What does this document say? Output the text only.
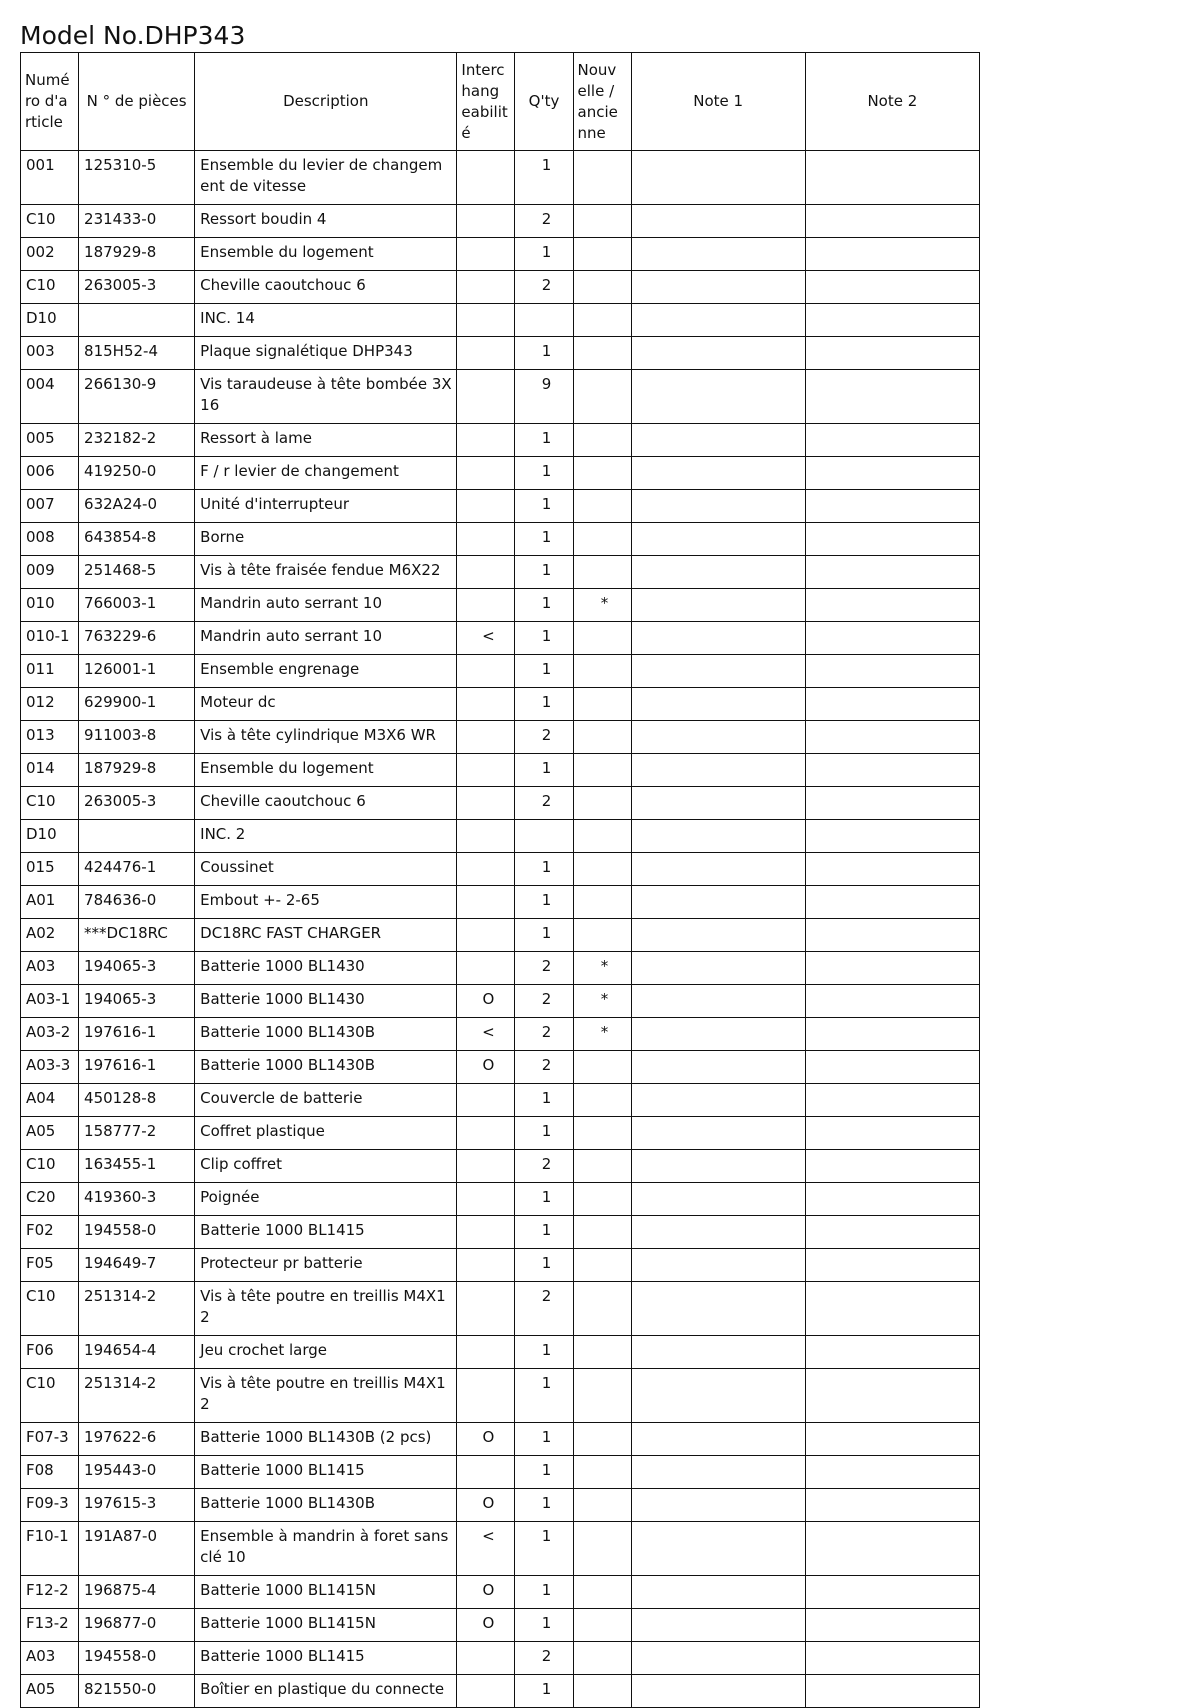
Model No.DHP343
Numé
ro d'a
rticle	N ° de pièces	Description	Interc
hang
eabilit
é	Q'ty	Nouv
elle /
ancie
nne	Note 1	Note 2
001	125310-5	Ensemble du levier de changem ent de vitesse		1			
C10	231433-0	Ressort boudin 4		2			
002	187929-8	Ensemble du logement		1			
C10	263005-3	Cheville caoutchouc 6		2			
D10		INC. 14					
003	815H52-4	Plaque signalétique DHP343		1			
004	266130-9	Vis taraudeuse à tête bombée 3X 16		9			
005	232182-2	Ressort à lame		1			
006	419250-0	F / r levier de changement		1			
007	632A24-0	Unité d'interrupteur		1			
008	643854-8	Borne		1			
009	251468-5	Vis à tête fraisée fendue M6X22		1			
010	766003-1	Mandrin auto serrant 10		1	*		
010-1	763229-6	Mandrin auto serrant 10	<	1			
011	126001-1	Ensemble engrenage		1			
012	629900-1	Moteur dc		1			
013	911003-8	Vis à tête cylindrique M3X6 WR		2			
014	187929-8	Ensemble du logement		1			
C10	263005-3	Cheville caoutchouc 6		2			
D10		INC. 2					
015	424476-1	Coussinet		1			
A01	784636-0	Embout +- 2-65		1			
A02	***DC18RC	DC18RC FAST CHARGER		1			
A03	194065-3	Batterie 1000 BL1430		2	*		
A03-1	194065-3	Batterie 1000 BL1430	O	2	*		
A03-2	197616-1	Batterie 1000 BL1430B	<	2	*		
A03-3	197616-1	Batterie 1000 BL1430B	O	2			
A04	450128-8	Couvercle de batterie		1			
A05	158777-2	Coffret plastique		1			
C10	163455-1	Clip coffret		2			
C20	419360-3	Poignée		1			
F02	194558-0	Batterie 1000 BL1415		1			
F05	194649-7	Protecteur pr batterie		1			
C10	251314-2	Vis à tête poutre en treillis M4X1 2		2			
F06	194654-4	Jeu crochet large		1			
C10	251314-2	Vis à tête poutre en treillis M4X1 2		1			
F07-3	197622-6	Batterie 1000 BL1430B (2 pcs)	O	1			
F08	195443-0	Batterie 1000 BL1415		1			
F09-3	197615-3	Batterie 1000 BL1430B	O	1			
F10-1	191A87-0	Ensemble à mandrin à foret sans clé 10	<	1			
F12-2	196875-4	Batterie 1000 BL1415N	O	1			
F13-2	196877-0	Batterie 1000 BL1415N	O	1			
A03	194558-0	Batterie 1000 BL1415		2			
A05	821550-0	Boîtier en plastique du connecte		1			
